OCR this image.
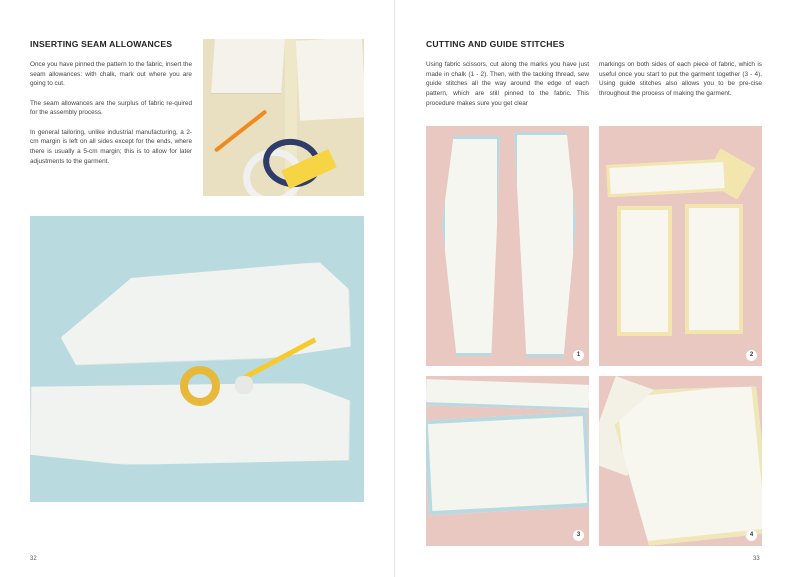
INSERTING SEAM ALLOWANCES

Once you have pinned the pattern to the fabric, insert the seam allowances: with chalk, mark out where you are going to cut.

The seam allowances are the surplus of fabric re-quired for the assembly process.

In general tailoring, unlike industrial manufacturing, a 2-cm margin is left on all sides except for the ends, where there is usually a 5-cm margin; this is to allow for later adjustments to the garment.

32
CUTTING AND GUIDE STITCHES
Using fabric scissors, cut along the marks you have just made in chalk (1 - 2). Then, with the tacking thread, sew guide stitches all the way around the edge of each pattern, which are still pinned to the fabric. This procedure makes sure you get clear
markings on both sides of each piece of fabric, which is useful once you start to put the garment together (3 - 4). Using guide stitches also allows you to be pre-cise throughout the process of making the garment.
1	2
3	4
33
